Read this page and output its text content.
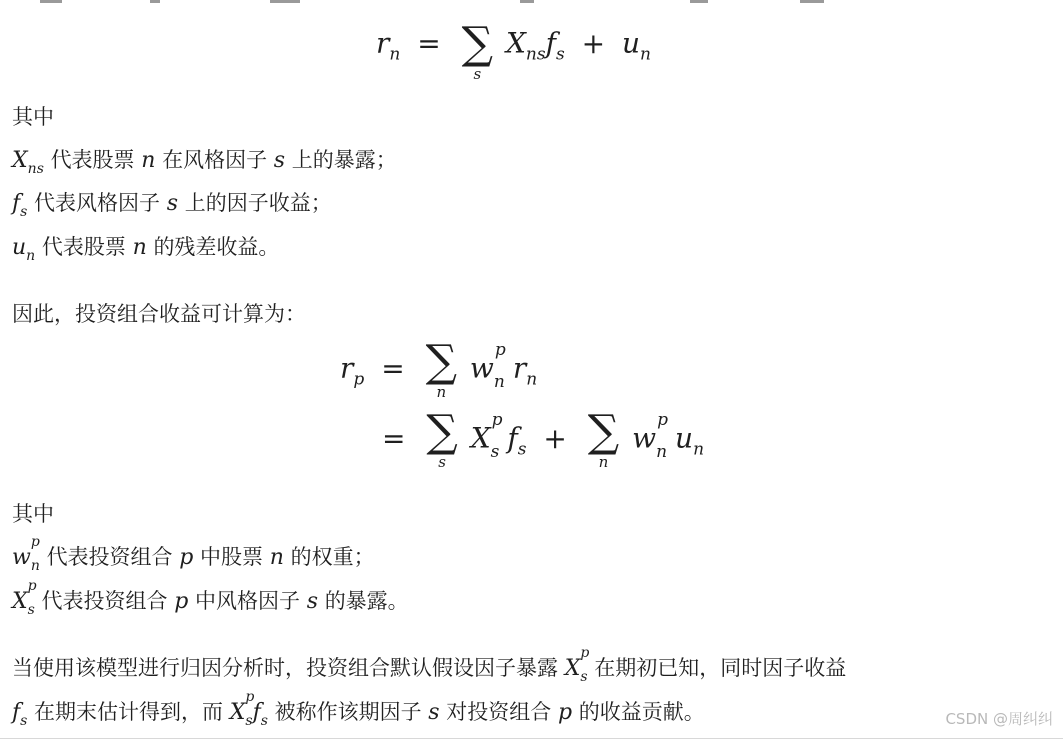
$r_n$ = ∑
s
$X_{ns}f_s + u_n$
其中
$X_{ns}$ 代表股票 n 在风格因子 s 上的暴露；
$f_s$ 代表风格因子 s 上的因子收益；
$u_n$ 代表股票 n 的残差收益。
因此，投资组合收益可计算为：
$r_p$ = ∑
n
w
p
$_n$ $r_n$
= ∑
s
X
p
$_s$ $f_s$ + ∑
n
w
p
$_n$ $u_n$
其中
w
p
$_n$ 代表投资组合 p 中股票 n 的权重；
X
p
$_s$ 代表投资组合 p 中风格因子 s 的暴露。
当使用该模型进行归因分析时，投资组合默认假设因子暴露 X
p
$_s$ 在期初已知，同时因子收益
$f_s$ 在期末估计得到，而 X
p
$_sf_s$ 被称作该期因子 s 对投资组合 p 的收益贡献。	CSDN @周纠纠
